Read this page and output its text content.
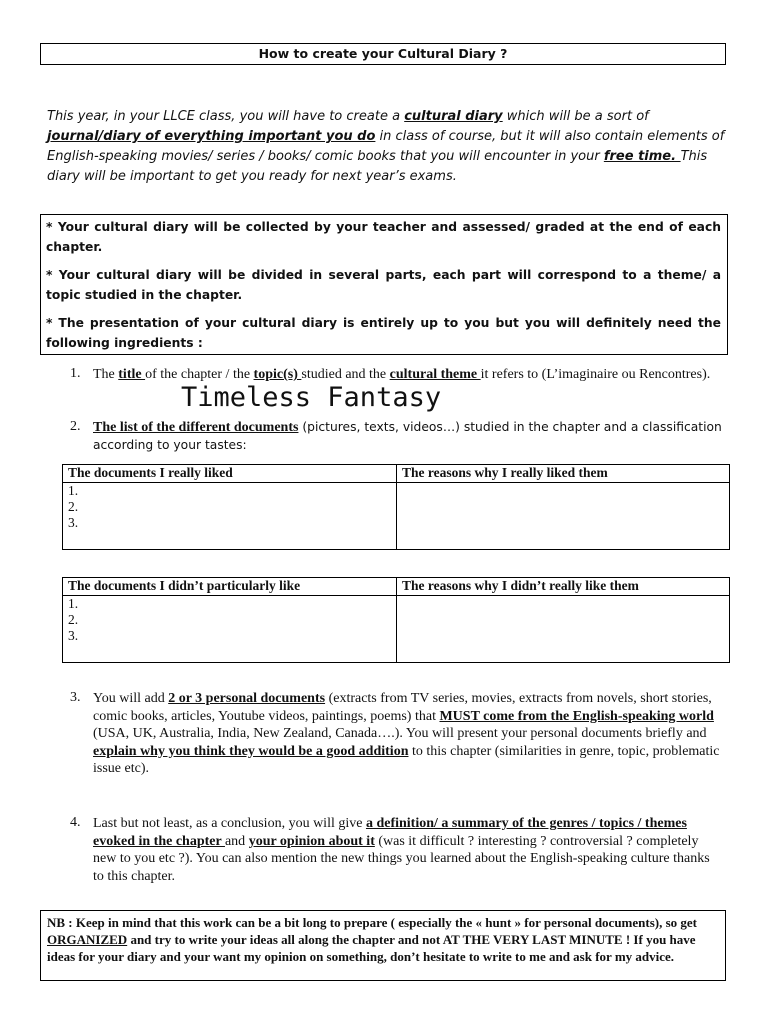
How to create your Cultural Diary ?
This year, in your LLCE class, you will have to create a cultural diary which will be a sort of journal/diary of everything important you do in class of course, but it will also contain elements of English-speaking movies/ series / books/ comic books that you will encounter in your free time. This diary will be important to get you ready for next year’s exams.

* Your cultural diary will be collected by your teacher and assessed/ graded at the end of each chapter.

* Your cultural diary will be divided in several parts, each part will correspond to a theme/ a topic studied in the chapter.

* The presentation of your cultural diary is entirely up to you but you will definitely need the following ingredients :

1. The title of the chapter / the topic(s) studied and the cultural theme it refers to (L’imaginaire ou Rencontres).
Timeless Fantasy
2. The list of the different documents (pictures, texts, videos…) studied in the chapter and a classification according to your tastes:
The documents I really liked	The reasons why I really liked them

1.
2.
3.	

The documents I didn’t particularly like	The reasons why I didn’t really like them

1.
2.
3.	

3. You will add 2 or 3 personal documents (extracts from TV series, movies, extracts from novels, short stories, comic books, articles, Youtube videos, paintings, poems) that MUST come from the English-speaking world (USA, UK, Australia, India, New Zealand, Canada….). You will present your personal documents briefly and explain why you think they would be a good addition to this chapter (similarities in genre, topic, problematic issue etc).
4. Last but not least, as a conclusion, you will give a definition/ a summary of the genres / topics / themes evoked in the chapter and your opinion about it (was it difficult ? interesting ? controversial ? completely new to you etc ?). You can also mention the new things you learned about the English-speaking culture thanks to this chapter.
NB : Keep in mind that this work can be a bit long to prepare ( especially the « hunt » for personal documents), so get ORGANIZED and try to write your ideas all along the chapter and not AT THE VERY LAST MINUTE ! If you have ideas for your diary and your want my opinion on something, don’t hesitate to write to me and ask for my advice.
